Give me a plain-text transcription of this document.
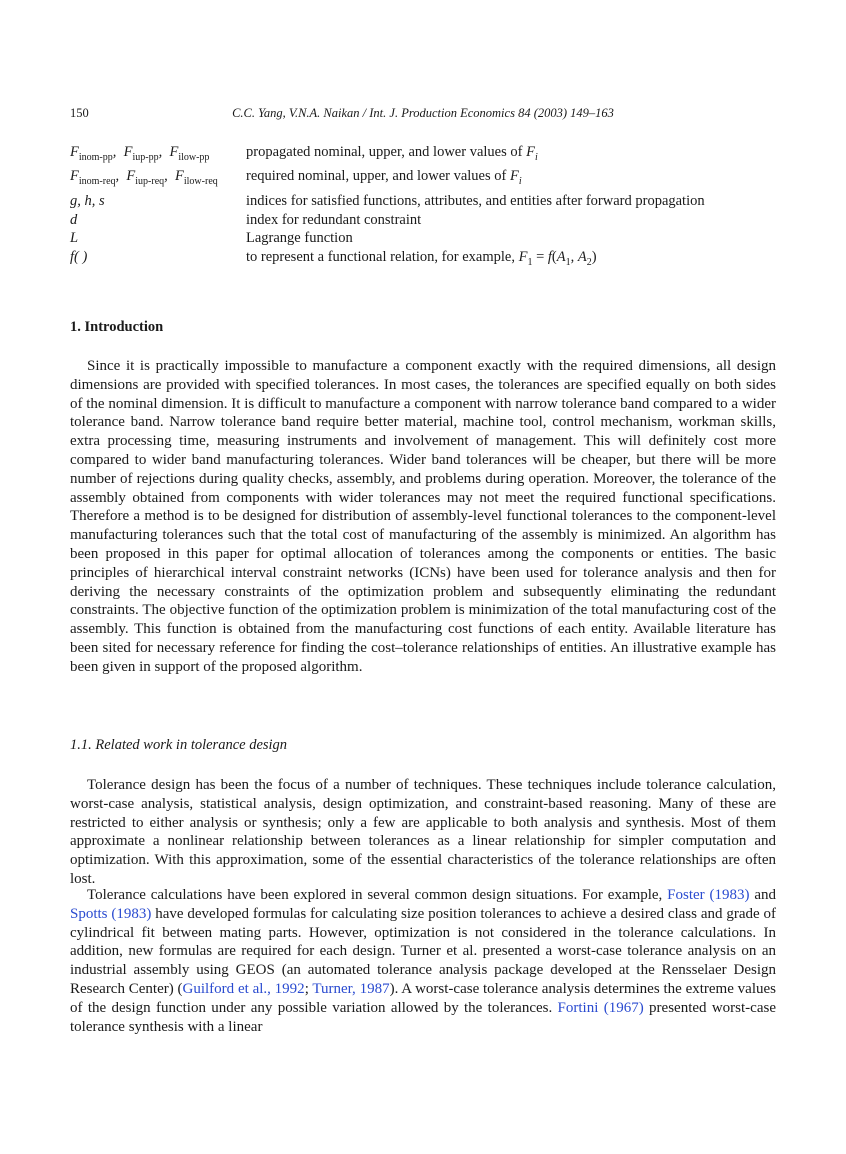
150	C.C. Yang, V.N.A. Naikan / Int. J. Production Economics 84 (2003) 149–163
$F_{inom-pp}$,  $F_{iup-pp}$,  $F_{ilow-pp}$	propagated nominal, upper, and lower values of $F_i$
$F_{inom-req}$,  $F_{iup-req}$,  $F_{ilow-req}$	required nominal, upper, and lower values of $F_i$
g, h, s	indices for satisfied functions, attributes, and entities after forward propagation
d	index for redundant constraint
L	Lagrange function
f( )	to represent a functional relation, for example, $F_1 = f(A_1$, $A_2$)
1. Introduction

Since it is practically impossible to manufacture a component exactly with the required dimensions, all design dimensions are provided with specified tolerances. In most cases, the tolerances are specified equally on both sides of the nominal dimension. It is difficult to manufacture a component with narrow tolerance band compared to a wider tolerance band. Narrow tolerance band require better material, machine tool, control mechanism, workman skills, extra processing time, measuring instruments and involvement of management. This will definitely cost more compared to wider band manufacturing tolerances. Wider band tolerances will be cheaper, but there will be more number of rejections during quality checks, assembly, and problems during operation. Moreover, the tolerance of the assembly obtained from components with wider tolerances may not meet the required functional specifications. Therefore a method is to be designed for distribution of assembly-level functional tolerances to the component-level manufacturing tolerances such that the total cost of manufacturing of the assembly is minimized. An algorithm has been proposed in this paper for optimal allocation of tolerances among the components or entities. The basic principles of hierarchical interval constraint networks (ICNs) have been used for tolerance analysis and then for deriving the necessary constraints of the optimization problem and subsequently eliminating the redundant constraints. The objective function of the optimization problem is minimization of the total manufacturing cost of the assembly. This function is obtained from the manufacturing cost functions of each entity. Available literature has been sited for necessary reference for finding the cost–tolerance relationships of entities. An illustrative example has been given in support of the proposed algorithm.

1.1. Related work in tolerance design

Tolerance design has been the focus of a number of techniques. These techniques include tolerance calculation, worst-case analysis, statistical analysis, design optimization, and constraint-based reasoning. Many of these are restricted to either analysis or synthesis; only a few are applicable to both analysis and synthesis. Most of them approximate a nonlinear relationship between tolerances as a linear relationship for simpler computation and optimization. With this approximation, some of the essential characteristics of the tolerance relationships are often lost.

Tolerance calculations have been explored in several common design situations. For example, Foster (1983) and Spotts (1983) have developed formulas for calculating size position tolerances to achieve a desired class and grade of cylindrical fit between mating parts. However, optimization is not considered in the tolerance calculations. In addition, new formulas are required for each design. Turner et al. presented a worst-case tolerance analysis on an industrial assembly using GEOS (an automated tolerance analysis package developed at the Rensselaer Design Research Center) (Guilford et al., 1992; Turner, 1987). A worst-case tolerance analysis determines the extreme values of the design function under any possible variation allowed by the tolerances. Fortini (1967) presented worst-case tolerance synthesis with a linear
